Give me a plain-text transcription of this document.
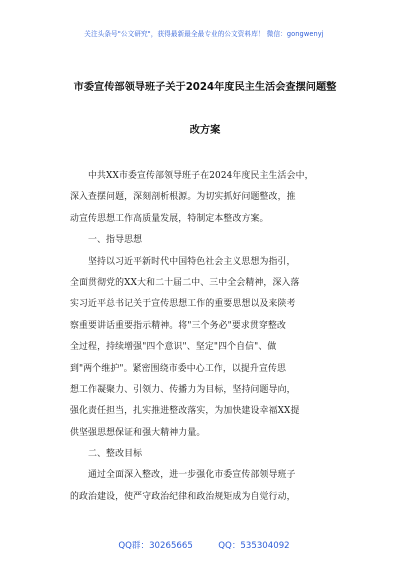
关注头条号"公文研究"，获得最新最全最专业的公文资料库！ 微信：gongwenyj
市委宣传部领导班子关于2024年度民主生活会查摆问题整
改方案
中共XX市委宣传部领导班子在2024年度民主生活会中，
深入查摆问题，深刻剖析根源。为切实抓好问题整改，推
动宣传思想工作高质量发展，特制定本整改方案。
一、指导思想
坚持以习近平新时代中国特色社会主义思想为指引，
全面贯彻党的XX大和二十届二中、三中全会精神，深入落
实习近平总书记关于宣传思想工作的重要思想以及来陕考
察重要讲话重要指示精神。将"三个务必"要求贯穿整改
全过程，持续增强"四个意识"、坚定"四个自信"、做
到"两个维护"。紧密围绕市委中心工作，以提升宣传思
想工作凝聚力、引领力、传播力为目标，坚持问题导向，
强化责任担当，扎实推进整改落实，为加快建设幸福XX提
供坚强思想保证和强大精神力量。
二、整改目标
通过全面深入整改，进一步强化市委宣传部领导班子
的政治建设，使严守政治纪律和政治规矩成为自觉行动，
QQ群：30265665	QQ：535304092
